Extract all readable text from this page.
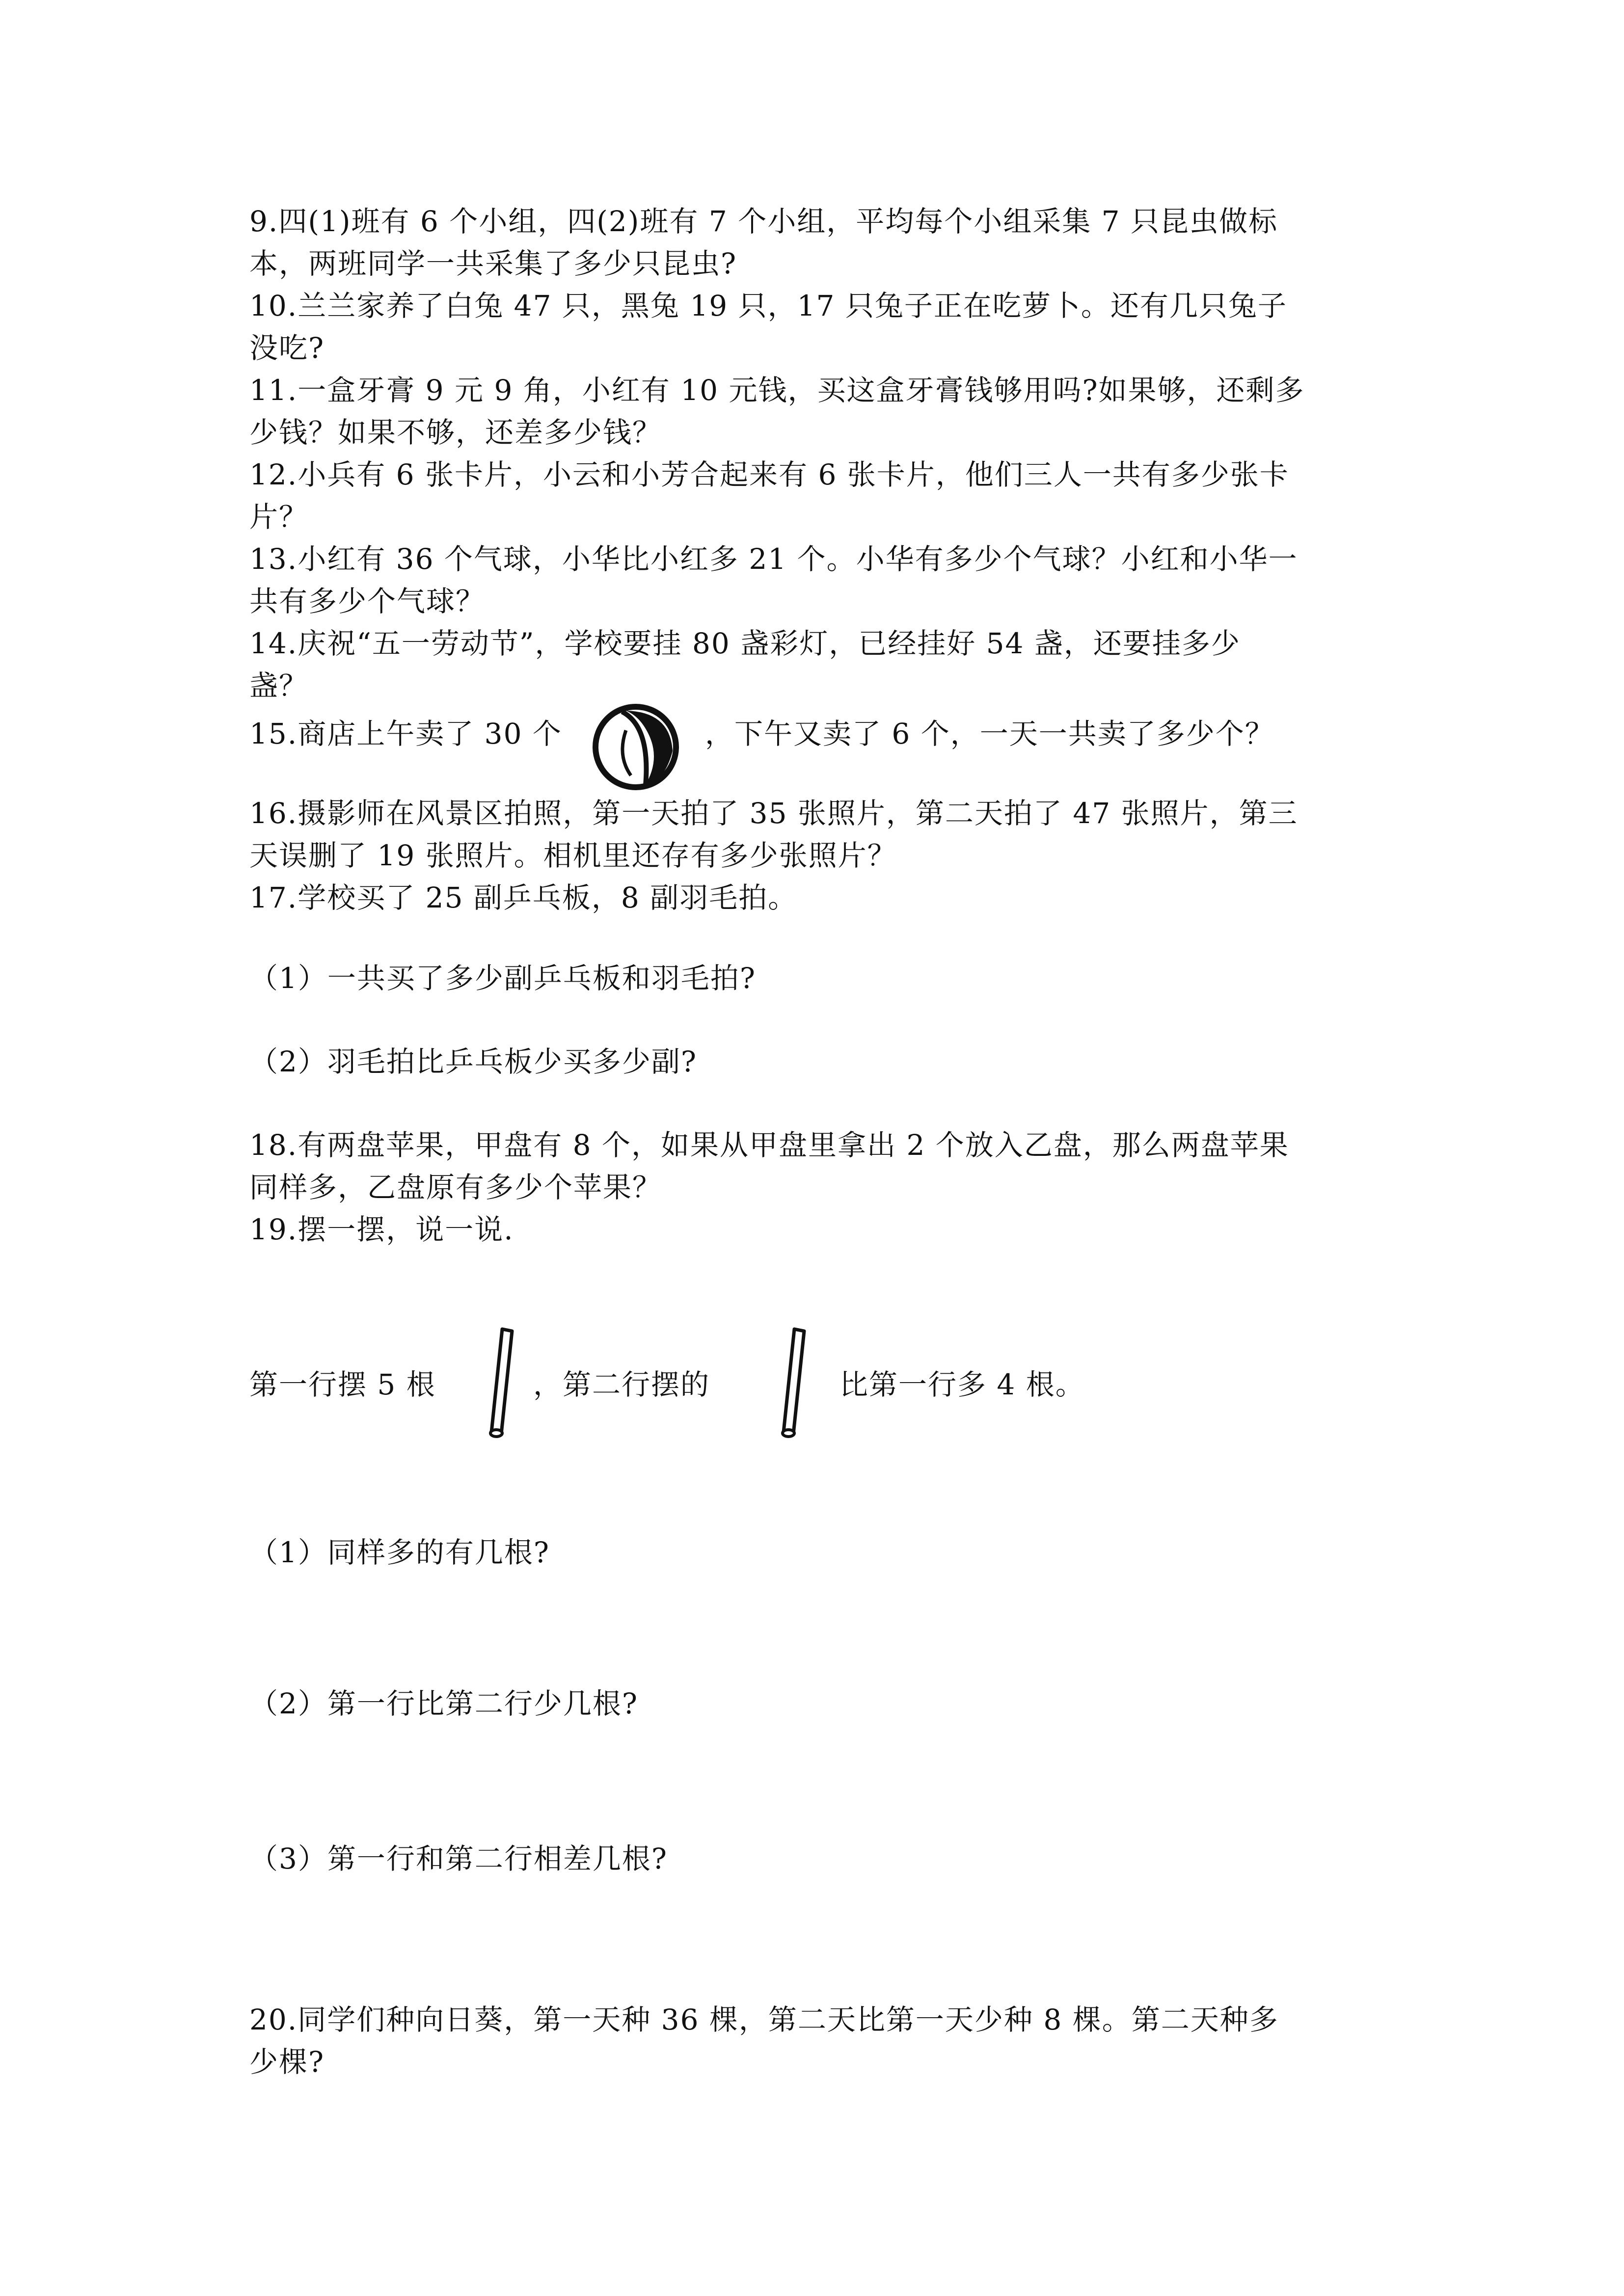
9.四(1)班有 6 个小组，四(2)班有 7 个小组，平均每个小组采集 7 只昆虫做标
本，两班同学一共采集了多少只昆虫?
10.兰兰家养了白兔 47 只，黑兔 19 只，17 只兔子正在吃萝卜。还有几只兔子
没吃?
11.一盒牙膏 9 元 9 角，小红有 10 元钱，买这盒牙膏钱够用吗?如果够，还剩多
少钱？如果不够，还差多少钱？
12.小兵有 6 张卡片，小云和小芳合起来有 6 张卡片，他们三人一共有多少张卡
片？
13.小红有 36 个气球，小华比小红多 21 个。小华有多少个气球？小红和小华一
共有多少个气球？
14.庆祝“五一劳动节”，学校要挂 80 盏彩灯，已经挂好 54 盏，还要挂多少
盏？
15.商店上午卖了 30 个	，下午又卖了 6 个，一天一共卖了多少个？
16.摄影师在风景区拍照，第一天拍了 35 张照片，第二天拍了 47 张照片，第三
天误删了 19 张照片。相机里还存有多少张照片？
17.学校买了 25 副乒乓板，8 副羽毛拍。
（1）一共买了多少副乒乓板和羽毛拍?
（2）羽毛拍比乒乓板少买多少副?
18.有两盘苹果，甲盘有 8 个，如果从甲盘里拿出 2 个放入乙盘，那么两盘苹果
同样多，乙盘原有多少个苹果？
19.摆一摆，说一说.
第一行摆 5 根	，第二行摆的	比第一行多 4 根。
（1）同样多的有几根?
（2）第一行比第二行少几根?
（3）第一行和第二行相差几根?
20.同学们种向日葵，第一天种 36 棵，第二天比第一天少种 8 棵。第二天种多
少棵?
